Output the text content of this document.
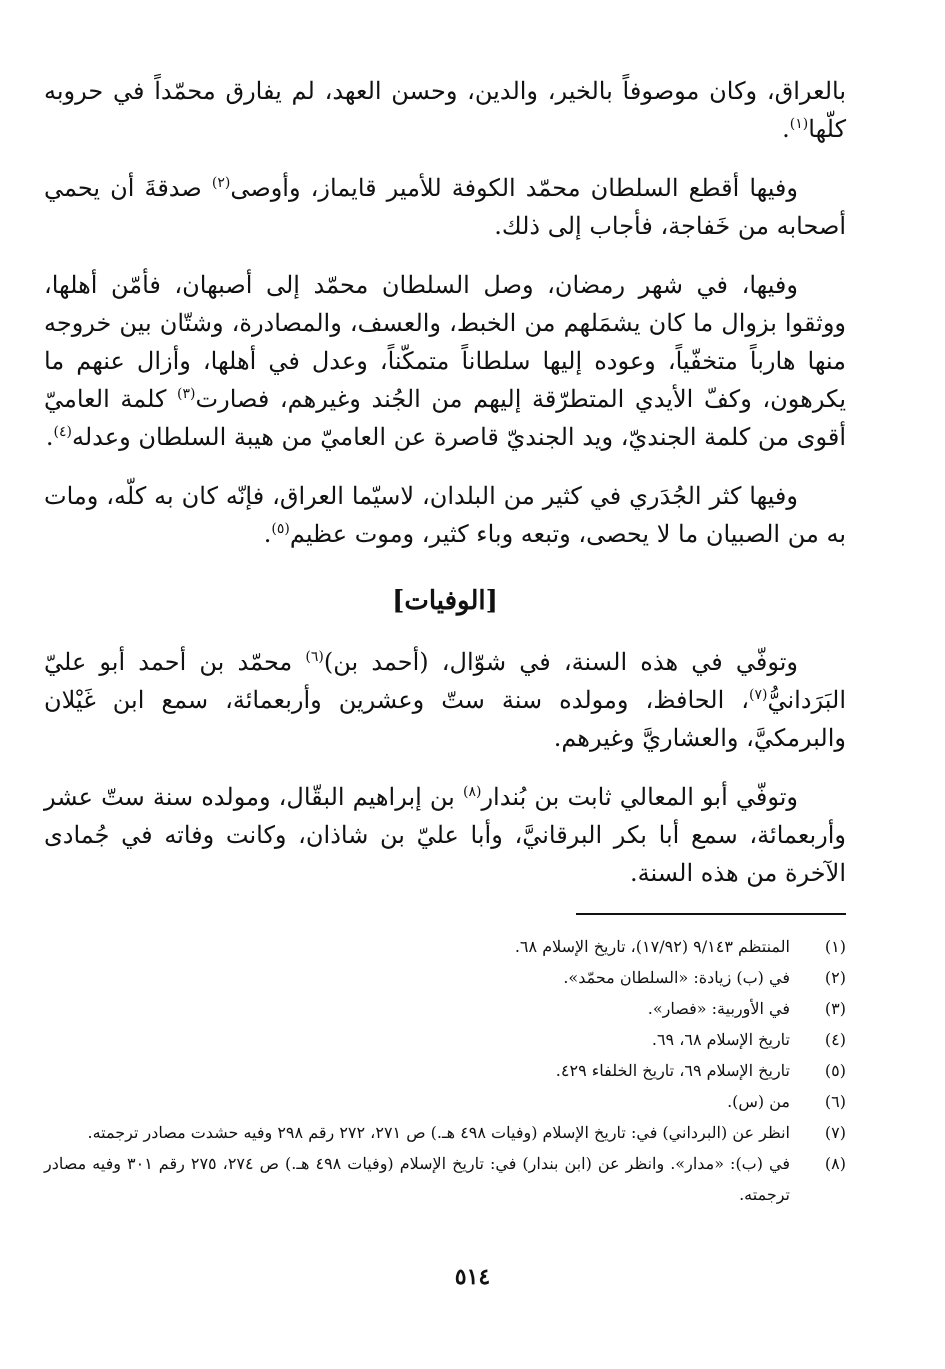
بالعراق، وكان موصوفاً بالخير، والدين، وحسن العهد، لم يفارق محمّداً في حروبه كلّها$^{(١)}$.

  وفيها أقطع السلطان محمّد الكوفة للأمير قايماز، وأوصى$^{(٢)}$ صدقةَ أن يحمي أصحابه من خَفاجة، فأجاب إلى ذلك.

  وفيها، في شهر رمضان، وصل السلطان محمّد إلى أصبهان، فأمّن أهلها، ووثقوا بزوال ما كان يشمَلهم من الخبط، والعسف، والمصادرة، وشتّان بين خروجه منها هارباً متخفّياً، وعوده إليها سلطاناً متمكّناً، وعدل في أهلها، وأزال عنهم ما يكرهون، وكفّ الأيدي المتطرّقة إليهم من الجُند وغيرهم، فصارت$^{(٣)}$ كلمة العاميّ أقوى من كلمة الجنديّ، ويد الجنديّ قاصرة عن العاميّ من هيبة السلطان وعدله$^{(٤)}$.

  وفيها كثر الجُدَري في كثير من البلدان، لاسيّما العراق، فإنّه كان به كلّه، ومات به من الصبيان ما لا يحصى، وتبعه وباء كثير، وموت عظيم$^{(٥)}$.

[الوفيات]

  وتوفّي في هذه السنة، في شوّال، (أحمد بن)$^{(٦)}$ محمّد بن أحمد أبو عليّ البَرَدانيُّ$^{(٧)}$، الحافظ، ومولده سنة ستّ وعشرين وأربعمائة، سمع ابن غَيْلان والبرمكيَّ، والعشاريَّ وغيرهم.

  وتوفّي أبو المعالي ثابت بن بُندار$^{(٨)}$ بن إبراهيم البقّال، ومولده سنة ستّ عشر وأربعمائة، سمع أبا بكر البرقانيَّ، وأبا عليّ بن شاذان، وكانت وفاته في جُمادى الآخرة من هذه السنة.

(١)
المنتظم ٩/١٤٣ (١٧/٩٢)، تاريخ الإسلام ٦٨.
(٢)
في (ب) زيادة: «السلطان محمّد».
(٣)
في الأوربية: «فصار».
(٤)
تاريخ الإسلام ٦٨، ٦٩.
(٥)
تاريخ الإسلام ٦٩، تاريخ الخلفاء ٤٢٩.
(٦)
من (س).
(٧)
انظر عن (البرداني) في: تاريخ الإسلام (وفيات ٤٩٨ هـ.) ص ٢٧١، ٢٧٢ رقم ٢٩٨ وفيه حشدت مصادر ترجمته.
(٨)
في (ب): «مدار». وانظر عن (ابن بندار) في: تاريخ الإسلام (وفيات ٤٩٨ هـ.) ص ٢٧٤، ٢٧٥ رقم ٣٠١ وفيه مصادر ترجمته.
٥١٤
